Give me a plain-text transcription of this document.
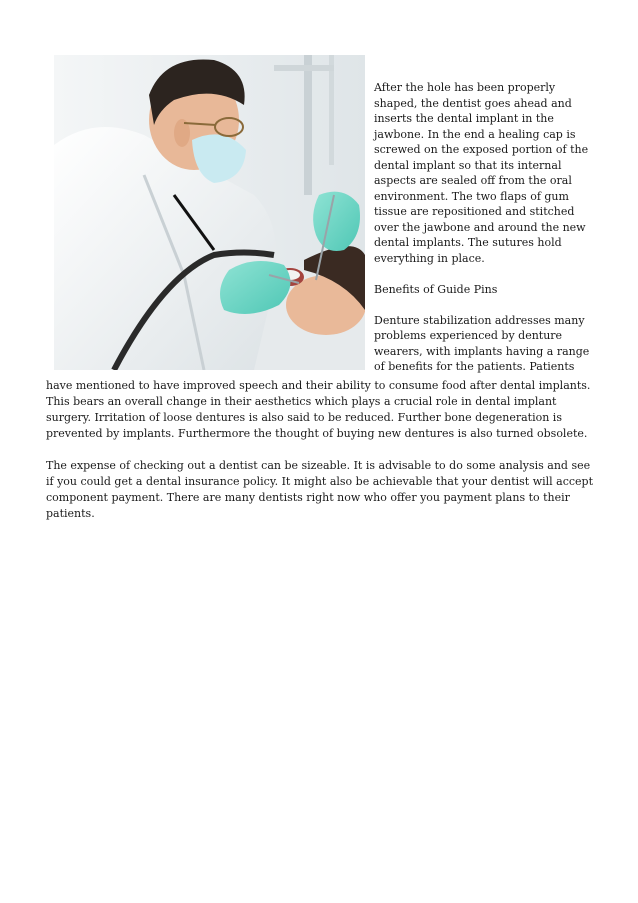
After the hole has been properly shaped, the dentist goes ahead and inserts the dental implant in the jawbone. In the end a healing cap is screwed on the exposed portion of the dental implant so that its internal aspects are sealed off from the oral environment. The two flaps of gum tissue are repositioned and stitched over the jawbone and around the new dental implants. The sutures hold everything in place.

Benefits of Guide Pins

Denture stabilization addresses many problems experienced by denture wearers, with implants having a range of benefits for the patients. Patients

have mentioned to have improved speech and their ability to consume food after dental implants. This bears an overall change in their aesthetics which plays a crucial role in dental implant surgery. Irritation of loose dentures is also said to be reduced. Further bone degeneration is prevented by implants. Furthermore the thought of buying new dentures is also turned obsolete.

The expense of checking out a dentist can be sizeable. It is advisable to do some analysis and see if you could get a dental insurance policy. It might also be achievable that your dentist will accept component payment. There are many dentists right now who offer you payment plans to their patients.
